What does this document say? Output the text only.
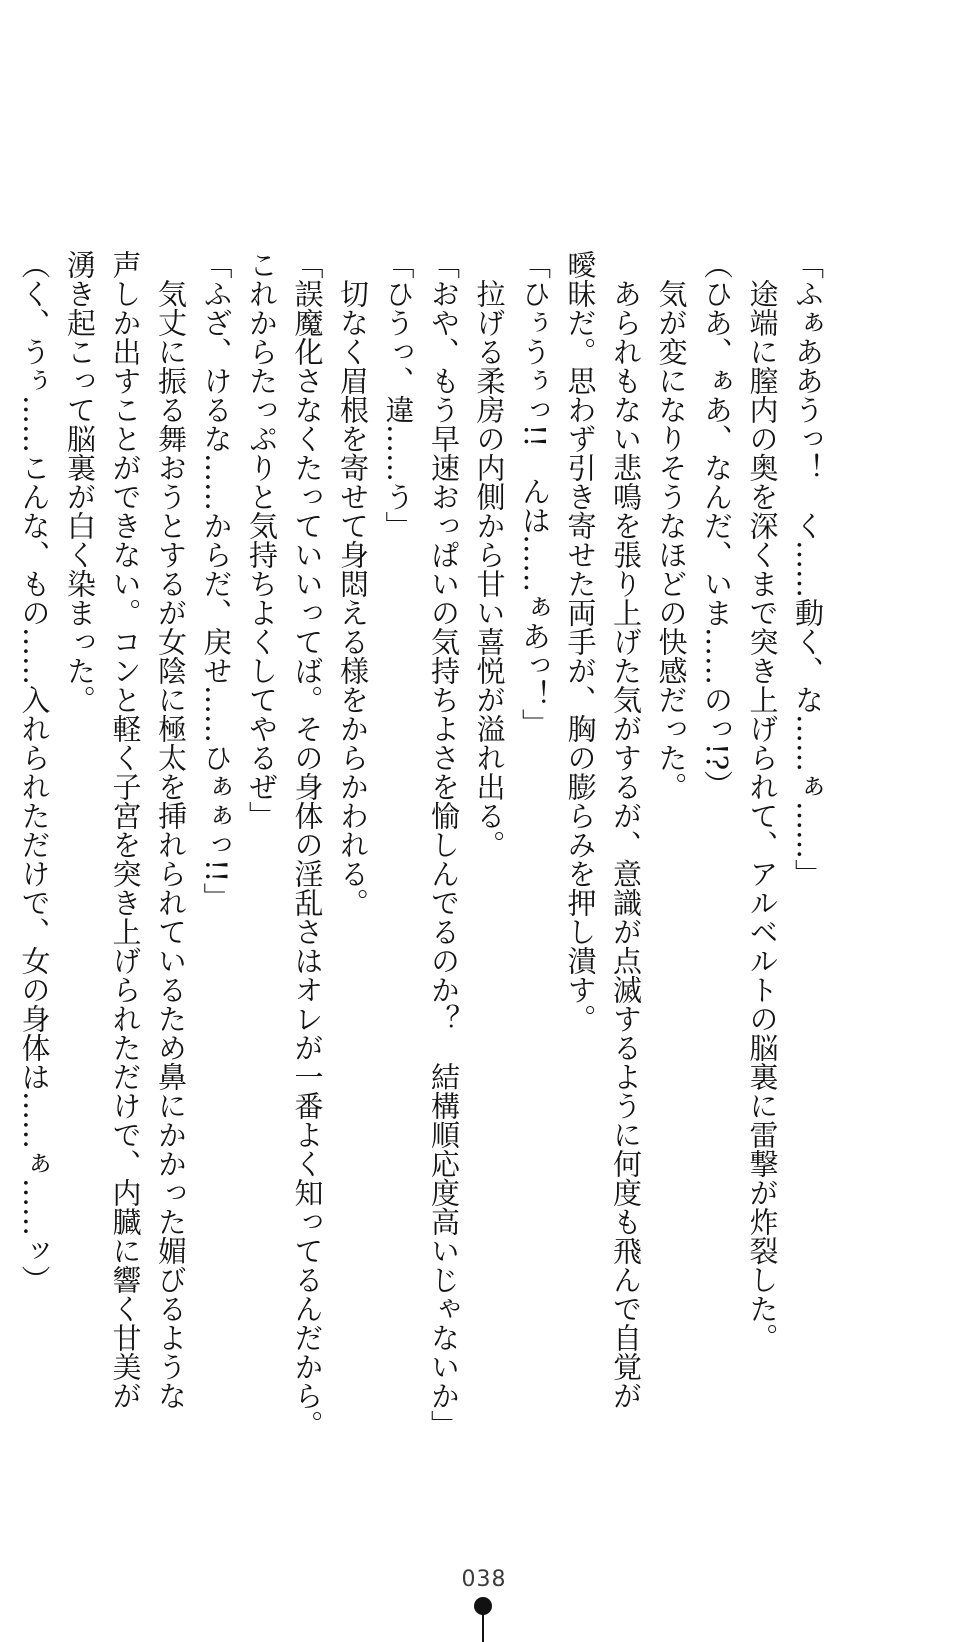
「ふぁああうっ！　く……動く、な……ぁ……」
　途端に膣内の奥を深くまで突き上げられて、アルベルトの脳裏に雷撃が炸裂した。
（ひあ、ぁあ、なんだ、いま……のっ!?）
　気が変になりそうなほどの快感だった。
　あられもない悲鳴を張り上げた気がするが、意識が点滅するように何度も飛んで自覚が
曖昧だ。思わず引き寄せた両手が、胸の膨らみを押し潰す。
「ひぅうぅっ!!　んは……ぁあっ！」
　拉げる柔房の内側から甘い喜悦が溢れ出る。
「おや、もう早速おっぱいの気持ちよさを愉しんでるのか？　結構順応度高いじゃないか」
「ひうっ、違……う」
　切なく眉根を寄せて身悶える様をからかわれる。
「誤魔化さなくたっていいってば。その身体の淫乱さはオレが一番よく知ってるんだから。
これからたっぷりと気持ちよくしてやるぜ」
「ふざ、けるな……からだ、戻せ……ひぁぁっ!!」
　気丈に振る舞おうとするが女陰に極太を挿れられているため鼻にかかった媚びるような
声しか出すことができない。コンと軽く子宮を突き上げられただけで、内臓に響く甘美が
湧き起こって脳裏が白く染まった。
（く、うぅ……こんな、もの……入れられただけで、女の身体は……ぁ……ッ）
038
